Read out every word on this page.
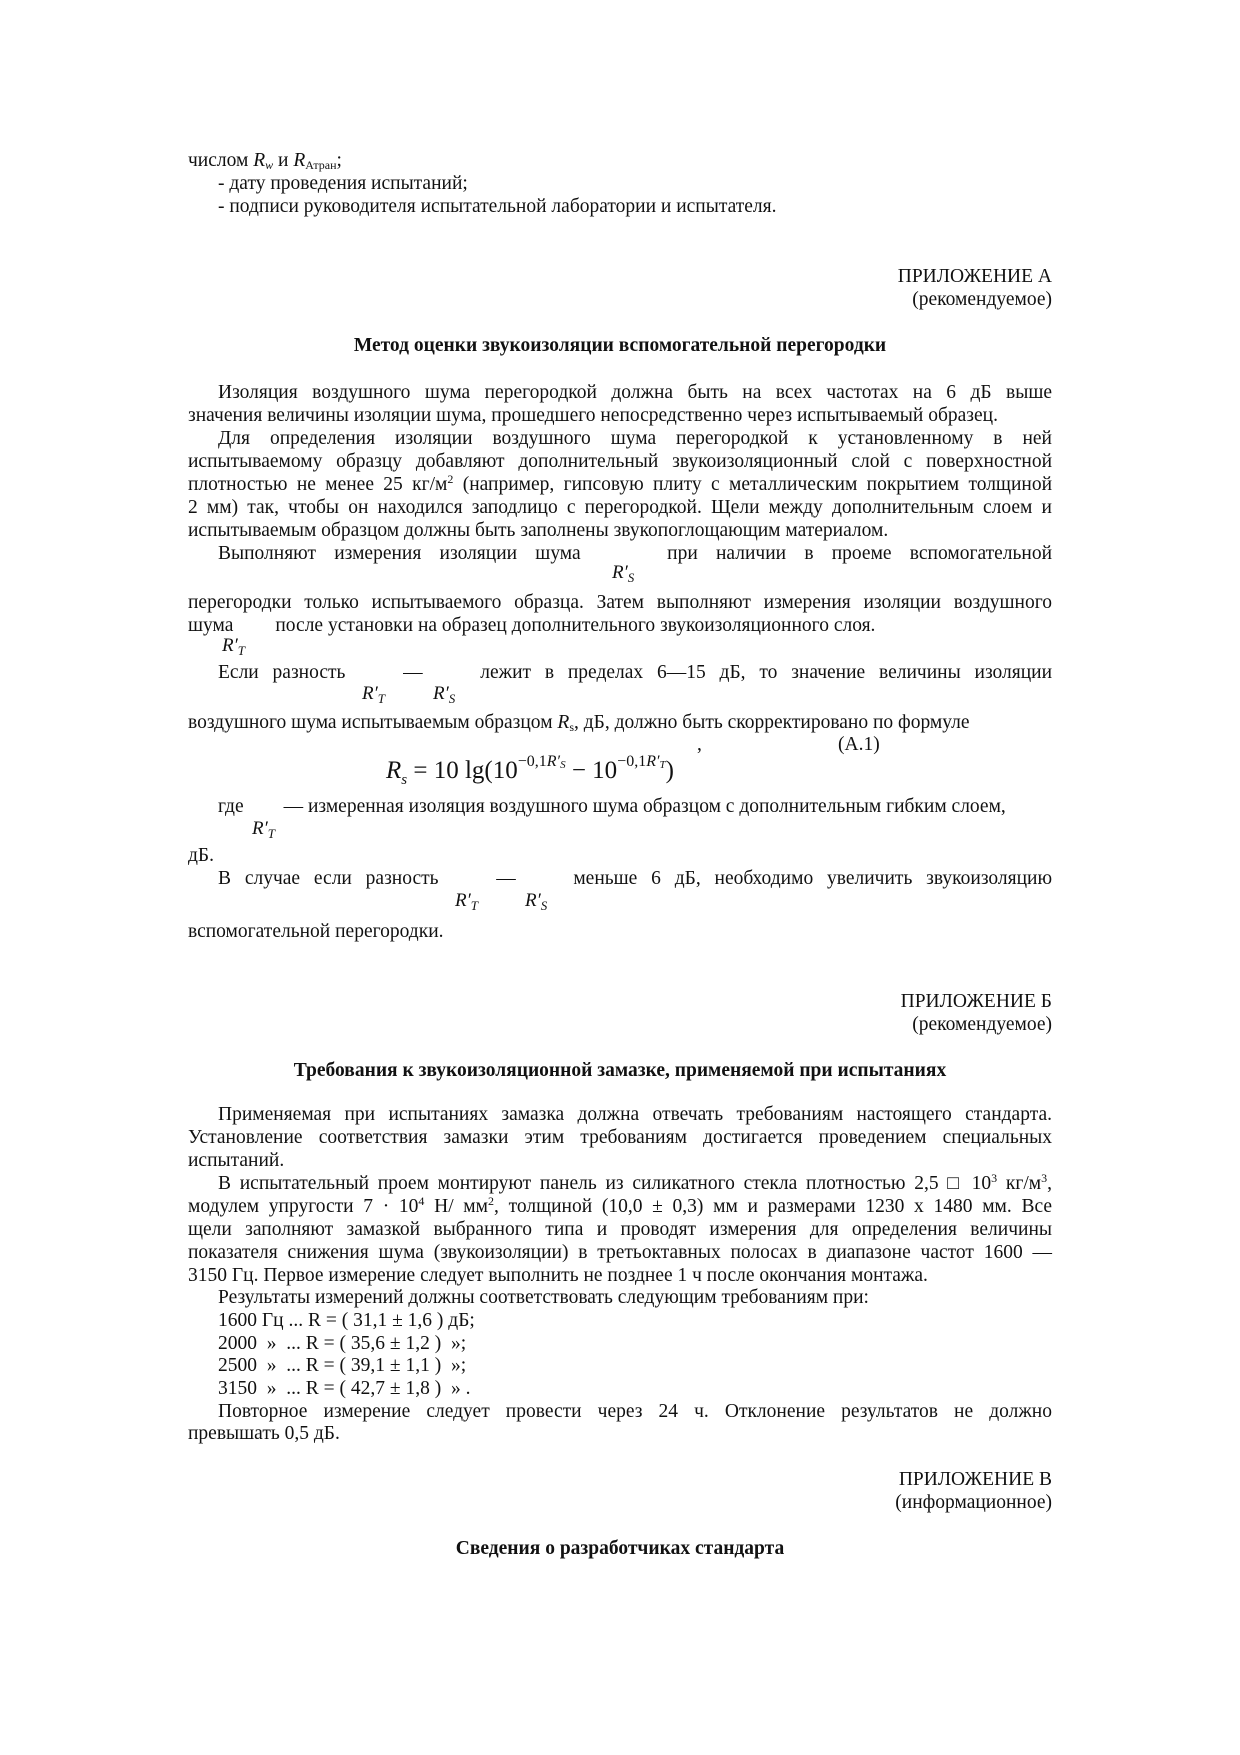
числом $R_w$ и $R_{Атран}$;
- дату проведения испытаний;
- подписи руководителя испытательной лаборатории и испытателя.
ПРИЛОЖЕНИЕ А
(рекомендуемое)
Метод оценки звукоизоляции вспомогательной перегородки
Изоляция воздушного шума перегородкой должна быть на всех частотах на 6 дБ выше
значения величины изоляции шума, прошедшего непосредственно через испытываемый образец.
Для определения изоляции воздушного шума перегородкой к установленному в ней
испытываемому образцу добавляют дополнительный звукоизоляционный слой с поверхностной
плотностью не менее 25 $кг/м^2$ (например, гипсовую плиту с металлическим покрытием толщиной
2 мм) так, чтобы он находился заподлицо с перегородкой. Щели между дополнительным слоем и
испытываемым образцом должны быть заполнены звукопоглощающим материалом.
Выполняют измерения изоляции шума	при наличии в проеме вспомогательной
$R'_S$
перегородки только испытываемого образца. Затем выполняют измерения изоляции воздушного
шума после установки на образец дополнительного звукоизоляционного слоя.
$R'_T$
Если разность	—	лежит в пределах 6—15 дБ, то значение величины изоляции
$R'_T$	$R'_S$
воздушного шума испытываемым образцом $R_s$, дБ, должно быть скорректировано по формуле
,	(А.1)
$R_s = 10$ $\lg(10^{-0,1R'_S} - 10^{-0,1R'_T})$
где — измеренная изоляция воздушного шума образцом с дополнительным гибким слоем,
$R'_T$
дБ.
В случае если разность	—	меньше 6 дБ, необходимо увеличить звукоизоляцию
$R'_T$ $R'_S$
вспомогательной перегородки.
ПРИЛОЖЕНИЕ Б
(рекомендуемое)
Требования к звукоизоляционной замазке, применяемой при испытаниях
Применяемая при испытаниях замазка должна отвечать требованиям настоящего стандарта.
Установление соответствия замазки этим требованиям достигается проведением специальных
испытаний.
В испытательный проем монтируют панель из силикатного стекла плотностью 2,5 □ $10^3$ $кг/м^3$,
модулем упругости $7 \cdot 10^4$ Н/ $мм^2$, толщиной (10,0 ± 0,3) мм и размерами 1230 x 1480 мм. Все
щели заполняют замазкой выбранного типа и проводят измерения для определения величины
показателя снижения шума (звукоизоляции) в третьоктавных полосах в диапазоне частот 1600 —
3150 Гц. Первое измерение следует выполнить не позднее 1 ч после окончания монтажа.
Результаты измерений должны соответствовать следующим требованиям при:
1600 Гц ... R = ( 31,1 ± 1,6 ) дБ;
2000  »  ... R = ( 35,6 ± 1,2 )  »;
2500  »  ... R = ( 39,1 ± 1,1 )  »;
3150  »  ... R = ( 42,7 ± 1,8 )  » .
Повторное измерение следует провести через 24 ч. Отклонение результатов не должно
превышать 0,5 дБ.
ПРИЛОЖЕНИЕ В
(информационное)
Сведения о разработчиках стандарта
